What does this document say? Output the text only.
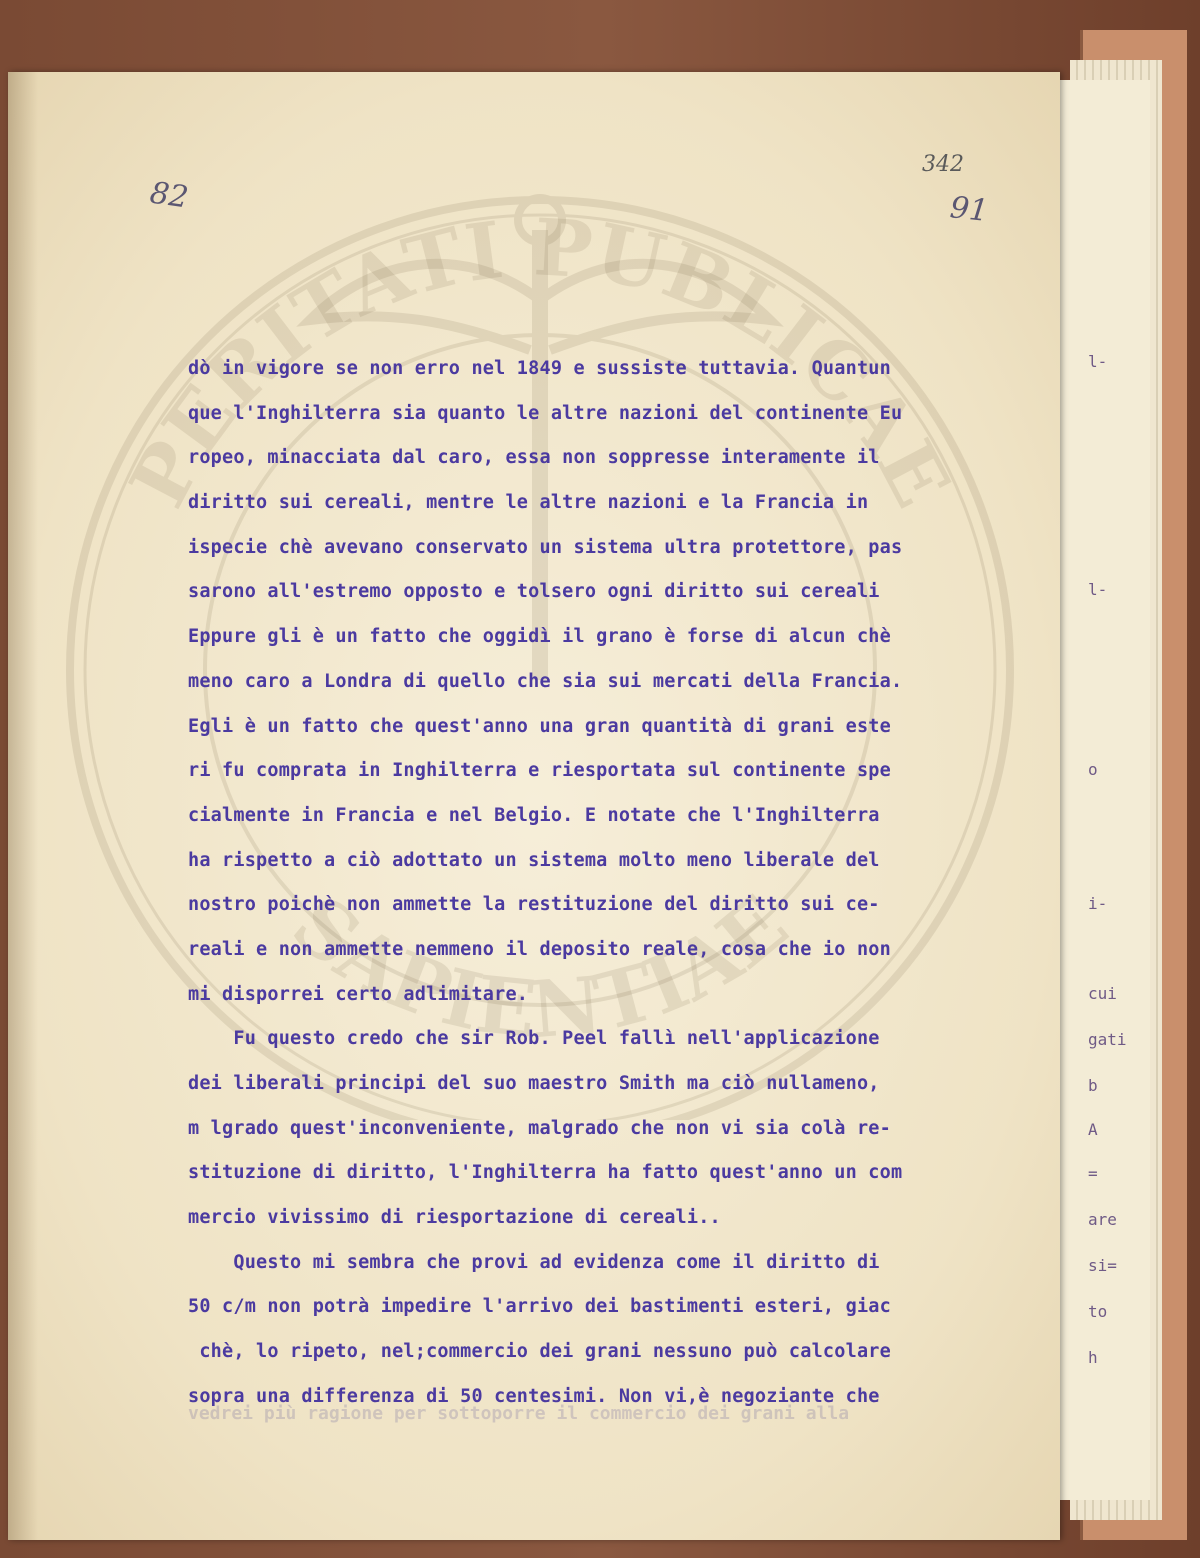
l-
l-
o
i-
cui
gati
b
A
=
are
si=
to
h
PERITATI PUBLICAE
SAPIENTIAE
82
342
91
dò in vigore se non erro nel 1849 e sussiste tuttavia. Quantun
que l'Inghilterra sia quanto le altre nazioni del continente Eu
ropeo, minacciata dal caro, essa non soppresse interamente il
diritto sui cereali, mentre le altre nazioni e la Francia in
ispecie chè avevano conservato un sistema ultra protettore, pas
sarono all'estremo opposto e tolsero ogni diritto sui cereali
Eppure gli è un fatto che oggidì il grano è forse di alcun chè
meno caro a Londra di quello che sia sui mercati della Francia.
Egli è un fatto che quest'anno una gran quantità di grani este
ri fu comprata in Inghilterra e riesportata sul continente spe
cialmente in Francia e nel Belgio. E notate che l'Inghilterra
ha rispetto a ciò adottato un sistema molto meno liberale del
nostro poichè non ammette la restituzione del diritto sui ce-
reali e non ammette nemmeno il deposito reale, cosa che io non
mi disporrei certo adlimitare.
Fu questo credo che sir Rob. Peel fallì nell'applicazione
dei liberali principi del suo maestro Smith ma ciò nullameno,
m lgrado quest'inconveniente, malgrado che non vi sia colà re-
stituzione di diritto, l'Inghilterra ha fatto quest'anno un com
mercio vivissimo di riesportazione di cereali..
Questo mi sembra che provi ad evidenza come il diritto di
50 c/m non potrà impedire l'arrivo dei bastimenti esteri, giac
chè, lo ripeto, nel;commercio dei grani nessuno può calcolare
sopra una differenza di 50 centesimi. Non vi,è negoziante che
vedrei più ragione per sottoporre il commercio dei grani alla
